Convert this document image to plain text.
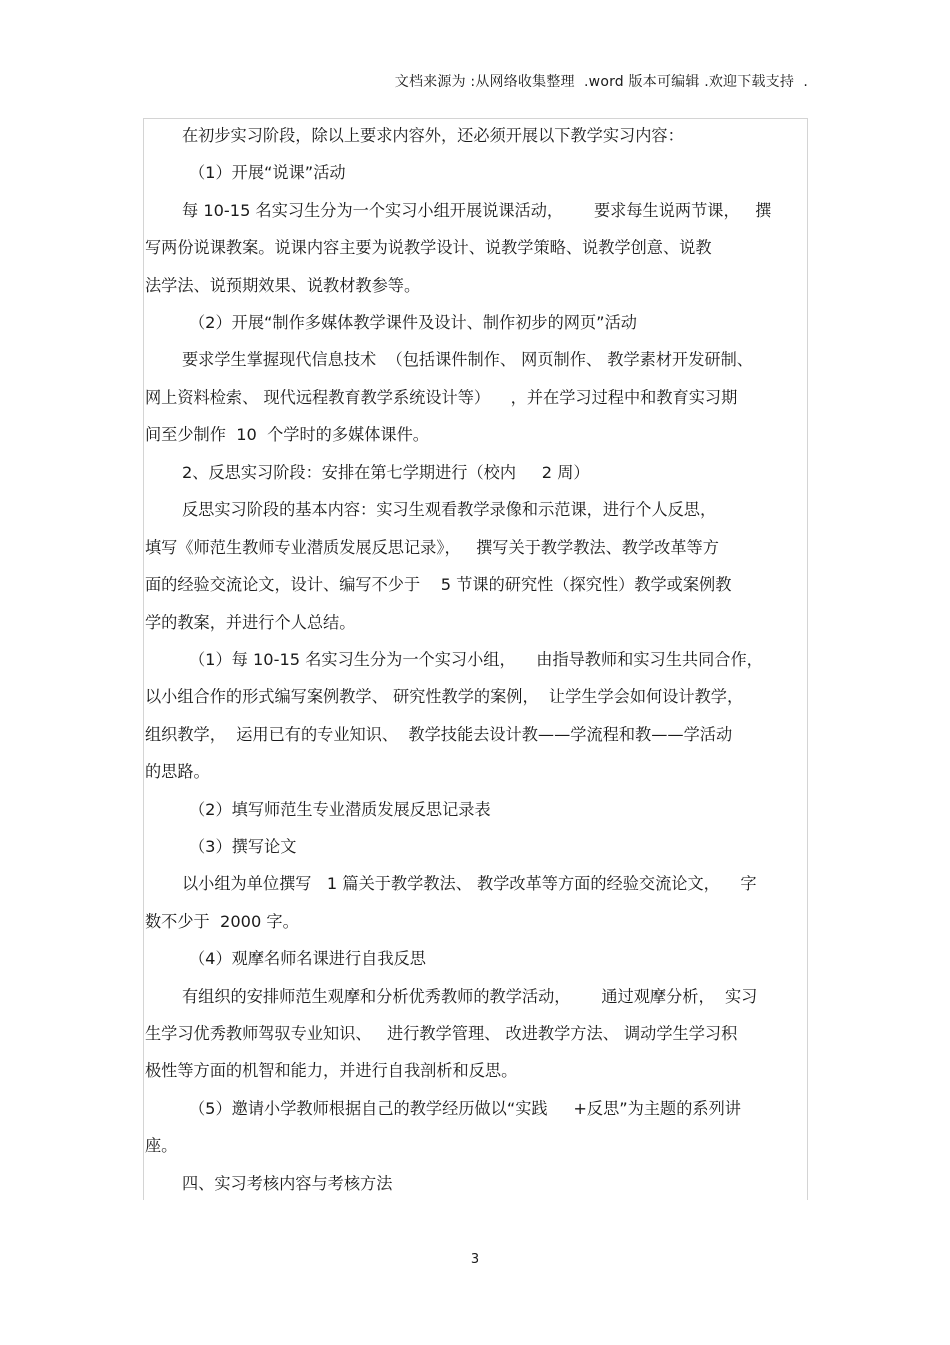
文档来源为 :从网络收集整理  .word 版本可编辑 .欢迎下载支持  .
在初步实习阶段，除以上要求内容外，还必须开展以下教学实习内容：
（1）开展“说课”活动
每 10-15 名实习生分为一个实习小组开展说课活动，      要求每生说两节课，   撰
写两份说课教案。说课内容主要为说教学设计、说教学策略、说教学创意、说教
法学法、说预期效果、说教材教参等。
（2）开展“制作多媒体教学课件及设计、制作初步的网页”活动
要求学生掌握现代信息技术  （包括课件制作、 网页制作、 教学素材开发研制、
网上资料检索、 现代远程教育教学系统设计等）    ，并在学习过程中和教育实习期
间至少制作  10  个学时的多媒体课件。
2、反思实习阶段：安排在第七学期进行（校内     2 周）
反思实习阶段的基本内容：实习生观看教学录像和示范课，进行个人反思，
填写《师范生教师专业潜质发展反思记录》，   撰写关于教学教法、教学改革等方
面的经验交流论文，设计、编写不少于    5 节课的研究性（探究性）教学或案例教
学的教案，并进行个人总结。
（1）每 10-15 名实习生分为一个实习小组，    由指导教师和实习生共同合作，
以小组合作的形式编写案例教学、 研究性教学的案例，  让学生学会如何设计教学，
组织教学，  运用已有的专业知识、  教学技能去设计教——学流程和教——学活动
的思路。
（2）填写师范生专业潜质发展反思记录表
（3）撰写论文
以小组为单位撰写   1 篇关于教学教法、 教学改革等方面的经验交流论文，    字
数不少于  2000 字。
（4）观摩名师名课进行自我反思
有组织的安排师范生观摩和分析优秀教师的教学活动，      通过观摩分析，  实习
生学习优秀教师驾驭专业知识、   进行教学管理、 改进教学方法、 调动学生学习积
极性等方面的机智和能力，并进行自我剖析和反思。
（5）邀请小学教师根据自己的教学经历做以“实践     +反思”为主题的系列讲
座。
四、实习考核内容与考核方法
3
